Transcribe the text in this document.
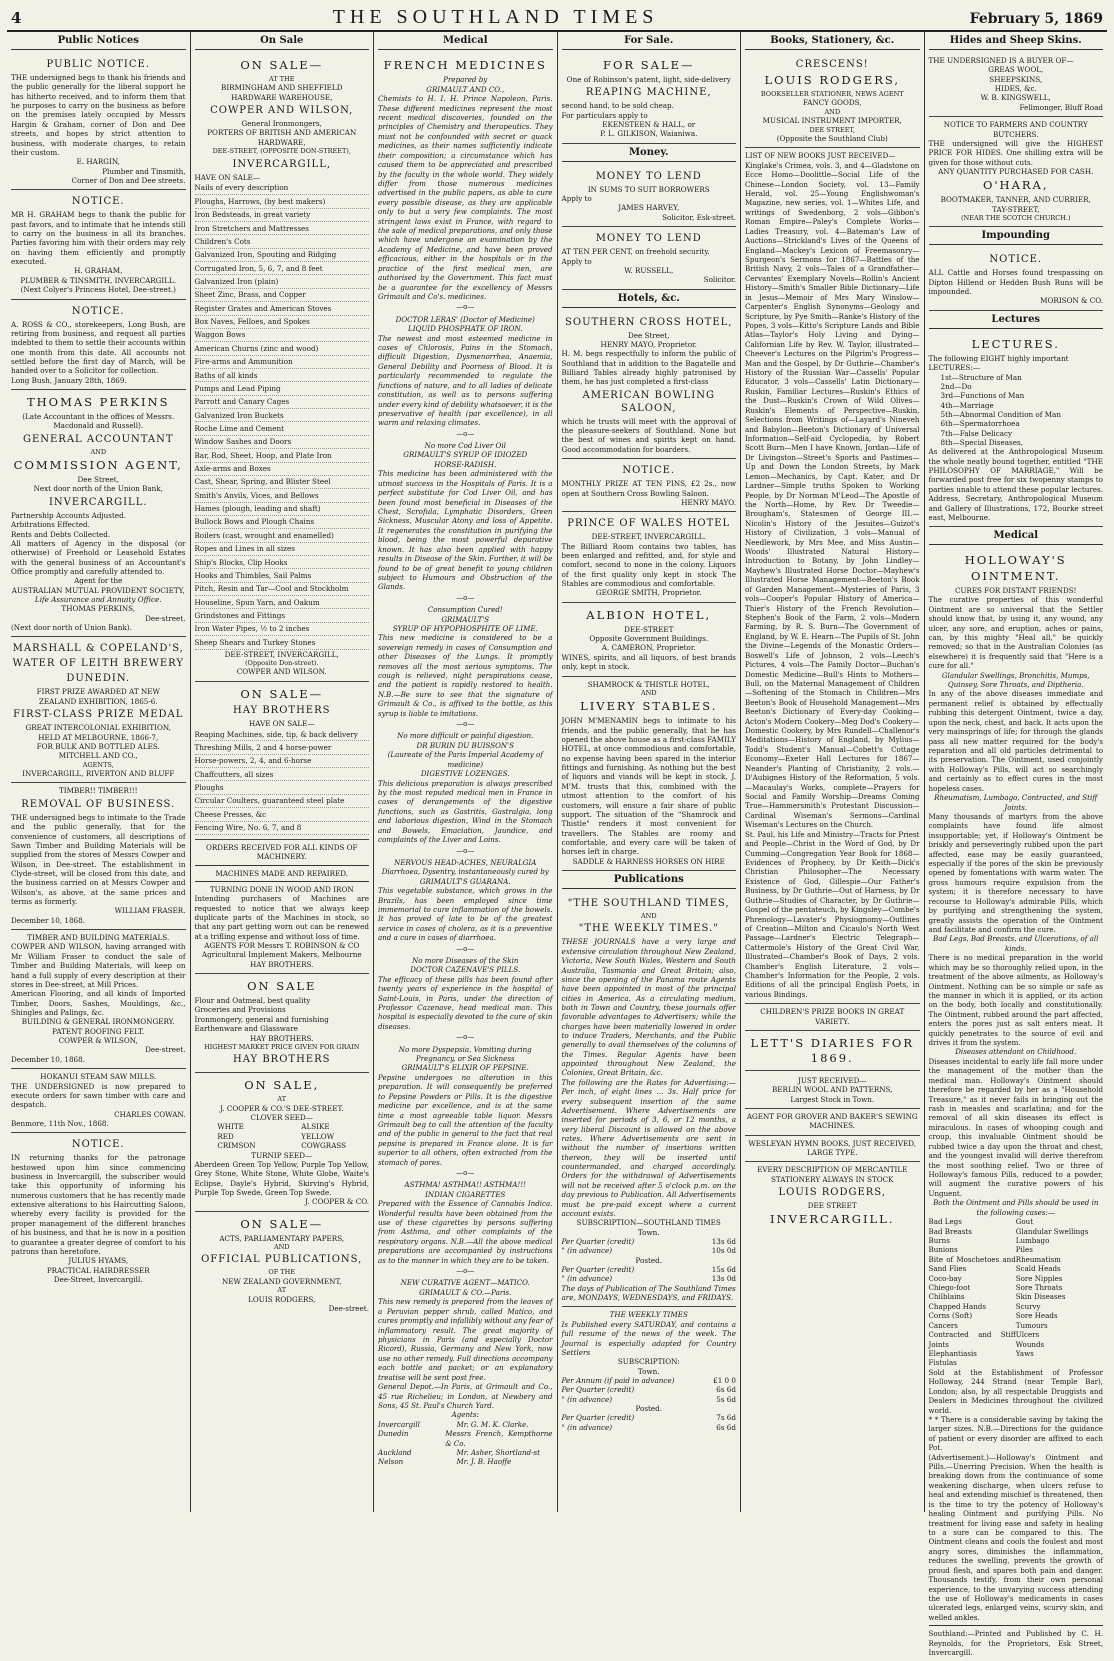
4	THE SOUTHLAND TIMES	February 5, 1869
Public Notices
PUBLIC NOTICE.
THE undersigned begs to thank his friends and the public generally for the liberal support he has hitherto received, and to inform them that he purposes to carry on the business as before on the premises lately occupied by Messrs Hargin & Graham, corner of Don and Dee streets, and hopes by strict attention to business, with moderate charges, to retain their custom.
E. HARGIN,
Plumber and Tinsmith,
Corner of Don and Dee streets.
NOTICE.
MR H. GRAHAM begs to thank the public for past favors, and to intimate that he intends still to carry on the business in all its branches. Parties favoring him with their orders may rely on having them efficiently and promptly executed.
H. GRAHAM,
PLUMBER & TINSMITH, INVERCARGILL.
(Next Colyer's Princess Hotel, Dee-street.)
NOTICE.
A. ROSS & CO., storekeepers, Long Bush, are retiring from business, and request all parties indebted to them to settle their accounts within one month from this date. All accounts not settled before the first day of March, will be handed over to a Solicitor for collection.
Long Bush, January 28th, 1869.
THOMAS PERKINS
(Late Accountant in the offices of Messrs. Macdonald and Russell).
GENERAL ACCOUNTANT
AND
COMMISSION AGENT,
Dee Street,
Next door north of the Union Bank,
INVERCARGILL.
Partnership Accounts Adjusted.
Arbitrations Effected.
Rents and Debts Collected.
All matters of Agency in the disposal (or otherwise) of Freehold or Leasehold Estates with the general business of an Accountant's Office promptly and carefully attended to.
Agent for the
AUSTRALIAN MUTUAL PROVIDENT SOCIETY,
Life Assurance and Annuity Office.
THOMAS PERKINS,
Dee-street.
(Next door north of Union Bank).
MARSHALL & COPELAND'S,
WATER OF LEITH BREWERY
DUNEDIN.
FIRST PRIZE AWARDED AT NEW
ZEALAND EXHIBITION, 1865-6.
FIRST-CLASS PRIZE MEDAL
GREAT INTERCOLONIAL EXHIBITION,
HELD AT MELBOURNE, 1866-7,
FOR BULK AND BOTTLED ALES.
MITCHELL AND CO.,
AGENTS,
INVERCARGILL, RIVERTON AND BLUFF
TIMBER!! TIMBER!!!
REMOVAL OF BUSINESS.
THE undersigned begs to intimate to the Trade and the public generally, that for the convenience of customers, all descriptions of Sawn Timber and Building Materials will be supplied from the stores of Messrs Cowper and Wilson, in Dee-street. The establishment in Clyde-street, will be closed from this date, and the business carried on at Messrs Cowper and Wilson's, as above, at the same prices and terms as formerly.
WILLIAM FRASER.
December 10, 1868.
TIMBER AND BUILDING MATERIALS.
COWPER AND WILSON, having arranged with Mr William Fraser to conduct the sale of Timber and Building Materials, will keep on hand a full supply of every description at their stores in Dee-street, at Mill Prices.
American Flooring, and all kinds of Imported Timber, Doors, Sashes, Mouldings, &c., Shingles and Palings, &c.
BUILDING & GENERAL IRONMONGERY.
PATENT ROOFING FELT.
COWPER & WILSON,
Dee-street.
December 10, 1868.
HOKANUI STEAM SAW MILLS.
THE UNDERSIGNED is now prepared to execute orders for sawn timber with care and despatch.
CHARLES COWAN.
Benmore, 11th Nov., 1868.
NOTICE.
IN returning thanks for the patronage bestowed upon him since commencing business in Invercargill, the subscriber would take this opportunity of informing his numerous customers that he has recently made extensive alterations to his Haircutting Saloon, whereby every facility is provided for the proper management of the different branches of his business, and that he is now in a position to guarantee a greater degree of comfort to his patrons than heretofore.
JULIUS HYAMS,
PRACTICAL HAIRDRESSER
Dee-Street, Invercargill.
On Sale
ON SALE—
AT THE
BIRMINGHAM AND SHEFFIELD
HARDWARE WAREHOUSE,
COWPER AND WILSON,
General Ironmongers,
PORTERS OF BRITISH AND AMERICAN
HARDWARE,
DEE-STREET, (OPPOSITE DON-STREET),
INVERCARGILL,
HAVE ON SALE—
Nails of every description
Ploughs, Harrows, (by best makers)
Iron Bedsteads, in great variety
Iron Stretchers and Mattresses
Children's Cots
Galvanized Iron, Spouting and Ridging
Corrugated Iron, 5, 6, 7, and 8 feet
Galvanized Iron (plain)
Sheet Zinc, Brass, and Copper
Register Grates and American Stoves
Box Naves, Felloes, and Spokes
Waggon Bows
American Churns (zinc and wood)
Fire-arms and Ammunition
Baths of all kinds
Pumps and Lead Piping
Parrott and Canary Cages
Galvanized Iron Buckets
Roche Lime and Cement
Window Sashes and Doors
Bar, Rod, Sheet, Hoop, and Plate Iron
Axle-arms and Boxes
Cast, Shear, Spring, and Blister Steel
Smith's Anvils, Vices, and Bellows
Hames (plough, leading and shaft)
Bullock Bows and Plough Chains
Boilers (cast, wrought and enamelled)
Ropes and Lines in all sizes
Ship's Blocks, Clip Hooks
Hooks and Thimbles, Sail Palms
Pitch, Resin and Tar—Cool and Stockholm
Houseline, Spun Yarn, and Oakum
Grindstones and Fittings
Iron Water Pipes, ½ to 2 inches
Sheep Shears and Turkey Stones
DEE-STREET, INVERCARGILL,
(Opposite Don-street).
COWPER AND WILSON.
ON SALE—
HAY BROTHERS
HAVE ON SALE—
Reaping Machines, side, tip, & back delivery
Threshing Mills, 2 and 4 horse-power
Horse-powers, 2, 4, and 6-horse
Chaffcutters, all sizes
Ploughs
Circular Coulters, guaranteed steel plate
Cheese Presses, &c
Fencing Wire, No. 6, 7, and 8
ORDERS RECEIVED FOR ALL KINDS OF MACHINERY.
MACHINES MADE AND REPAIRED.
TURNING DONE IN WOOD AND IRON
Intending purchasers of Machines are requested to notice that we always keep duplicate parts of the Machines in stock, so that any part getting worn out can be renewed at a trifling expense and without loss of time.
AGENTS FOR Messrs T. ROBINSON & CO
Agricultural Implement Makers, Melbourne
HAY BROTHERS.
ON SALE
Flour and Oatmeal, best quality
Groceries and Provisions
Ironmongery, general and furnishing
Earthenware and Glassware
HAY BROTHERS.
HIGHEST MARKET PRICE GIVEN FOR GRAIN
HAY BROTHERS
ON SALE,
AT
J. COOPER & CO.'S DEE-STREET.
CLOVER SEED—
WHITE
RED
CRIMSON
ALSIKE
YELLOW
COWGRASS
TURNIP SEED—
Aberdeen Green Top Yellow, Purple Top Yellow, Grey Stone, White Stone, White Globe, Waite's Eclipse, Dayle's Hybrid, Skirving's Hybrid, Purple Top Swede, Green Top Swede.
J. COOPER & CO.
ON SALE—
ACTS, PARLIAMENTARY PAPERS,
AND
OFFICIAL PUBLICATIONS,
OF THE
NEW ZEALAND GOVERNMENT,
AT
LOUIS RODGERS,
Dee-street.
Medical
FRENCH MEDICINES
Prepared by
GRIMAULT AND CO.,
Chemists to H. I. H. Prince Napoleon, Paris. These different medicines represent the most recent medical discoveries, founded on the principles of Chemistry and therapeutics. They must not be confounded with secret or quack medicines, as their names sufficiently indicate their composition; a circumstance which has caused them to be appreciated and prescribed by the faculty in the whole world. They widely differ from those numerous medicines advertised in the public papers, as able to cure every possible disease, as they are applicable only to but a very few complaints. The most stringent laws exist in France, with regard to the sale of medical preparations, and only those which have undergone an examination by the Academy of Medicine, and have been proved efficacious, either in the hospitals or in the practice of the first medical men, are authorised by the Government. This fact must be a guarantee for the excellency of Messrs Grimault and Co's. medicines.
—o—
DOCTOR LERAS' (Doctor of Medicine)
LIQUID PHOSPHATE OF IRON.
The newest and most esteemed medicine in cases of Chlorosis, Pains in the Stomach, difficult Digestion, Dysmenorrhea, Anaemia, General Debility and Poorness of Blood. It is particularly recommended to regulate the functions of nature, and to all ladies of delicate constitution, as well as to persons suffering under every kind of debility whatsoever, it is the preservative of health (par excellence), in all warm and relaxing climates.
—o—
No more Cod Liver Oil
GRIMAULT'S SYRUP OF IDIOZED
HORSE-RADISH.
This medicine has been administered with the utmost success in the Hospitals of Paris. It is a perfect substitute for Cod Liver Oil, and has been found most beneficial in Diseases of the Chest, Scrofula, Lymphatic Disorders, Green Sickness, Muscular Atony and loss of Appetite. It regenerates the constitution in purifying the blood, being the most powerful depurative known. It has also been applied with happy results in Disease of the Skin. Further, it will be found to be of great benefit to young children subject to Humours and Obstruction of the Glands.
—o—
Consumption Cured!
GRIMAULT'S
SYRUP OF HYPOPHOSPHITE OF LIME.
This new medicine is considered to be a sovereign remedy in cases of Consumption and other Diseases of the Lungs. It promptly removes all the most serious symptoms. The cough is relieved, night perspirations cease, and the patient is rapidly restored to health. N.B.—Be sure to see that the signature of Grimault & Co., is affixed to the bottle, as this syrup is liable to imitations.
—o—
No more difficult or painful digestion.
DR BURIN DU BUISSON'S
(Laureate of the Paris Imperial Academy of medicine)
DIGESTIVE LOZENGES.
This delicious preparation is always prescribed by the most reputed medical men in France in cases of derangements of the digestive functions, such as Gastritis, Gastralgia, long and laborious digestion, Wind in the Stomach and Bowels, Emaciation, Jaundice, and complaints of the Liver and Loins.
—o—
NERVOUS HEAD-ACHES, NEURALGIA
Diarrhoea, Dysentry, instantaneously cured by
GRIMAULT'S GUARANA.
This vegetable substance, which grows in the Brazils, has been employed since time immemorial to cure inflammation of the bowels. It has proved of late to be of the greatest service in cases of cholera, as it is a preventive and a cure in cases of diarrhoea.
—o—
No more Diseases of the Skin
DOCTOR CAZENAVE'S PILLS.
The efficacy of these pills has been found after twenty years of experience in the hospital of Saint-Louis, in Paris, under the direction of Professor Cazenave, head medical man. This hospital is especially devoted to the cure of skin diseases.
—o—
No more Dyspepsia, Vomiting during Pregnancy, or Sea Sickness
GRIMAULT'S ELIXIR OF PEPSINE.
Pepsine undergoes no alteration in this preparation. It will consequently be preferred to Pepsine Powders or Pills. It is the digestive medicine par excellence, and is at the same time a most agreeable table liquor. Messrs Grimault beg to call the attention of the faculty and of the public in general to the fact that real pepsine is prepared in France alone. It is far superior to all others, often extracted from the stomach of pores.
—o—
ASTHMA! ASTHMA!! ASTHMA!!!
INDIAN CIGARETTES
Prepared with the Essence of Cannabis Indica. Wonderful results have been obtained from the use of these cigarettes by persons suffering from Asthma, and other complaints of the respiratory organs. N.B.—All the above medical preparations are accompanied by instructions as to the manner in which they are to be taken.
—o—
NEW CURATIVE AGENT—MATICO.
GRIMAULT & CO.—Paris.
This new remedy is prepared from the leaves of a Peruvian pepper shrub, called Matico, and cures promptly and infallibly without any fear of inflammatory result. The great majority of physicians in Paris (and especially Doctor Ricord), Russia, Germany and New York, now use no other remedy. Full directions accompany each bottle and packet; or an explanatory treatise will be sent post free.
General Depot.—In Paris, at Grimault and Co., 45 rue Richelieu; in London, at Newbery and Sons, 45 St. Paul's Church Yard.
Agents:
Invercargill	Mr. G. M. K. Clarke.
Dunedin	Messrs French, Kempthorne & Co.
Auckland	Mr. Asher, Shortland-st
Nelson	Mr. J. B. Haoffe
For Sale.
FOR SALE—
One of Robinson's patent, light, side-delivery
REAPING MACHINE,
second hand, to be sold cheap.
For particulars apply to
EKENSTEEN & HALL, or
P. L. GILKISON, Waianiwa.
Money.
MONEY TO LEND
IN SUMS TO SUIT BORROWERS
Apply to
JAMES HARVEY,
Solicitor, Esk-street.
MONEY TO LEND
AT TEN PER CENT, on freehold security.
Apply to
W. RUSSELL,
Solicitor.
Hotels, &c.
SOUTHERN CROSS HOTEL,
Dee Street,
HENRY MAYO, Proprietor.
H. M. begs respectfully to inform the public of Southland that in addition to the Bagatelle and Billiard Tables already highly patronised by them, he has just completed a first-class
AMERICAN BOWLING SALOON,
which he trusts will meet with the approval of the pleasure-seekers of Southland. None but the best of wines and spirits kept on hand. Good accommodation for boarders.
NOTICE.
MONTHLY PRIZE AT TEN PINS, £2 2s., now open at Southern Cross Bowling Saloon.
HENRY MAYO.
PRINCE OF WALES HOTEL
DEE-STREET, INVERCARGILL.
The Billiard Room contains two tables, has been enlarged and refitted, and, for style and comfort, second to none in the colony. Liquors of the first quality only kept in stock The Stables are commodious and comfortable.
GEORGE SMITH, Proprietor.
ALBION HOTEL,
DEE-STREET
Opposite Government Buildings.
A. CAMERON, Proprietor.
WINES, spirits, and all liquors, of best brands only, kept in stock.
SHAMROCK & THISTLE HOTEL,
AND
LIVERY STABLES.
JOHN M'MENAMIN begs to intimate to his friends, and the public generally, that he has opened the above house as a first-class FAMILY HOTEL, at once commodious and comfortable, no expense having been spared in the interior fittings and furnishing. As nothing but the best of liquors and viands will be kept in stock, J. M'M. trusts that this, combined with the utmost attention to the comfort of his customers, will ensure a fair share of public support. The situation of the "Shamrock and Thistle" renders it most convenient for travellers. The Stables are roomy and comfortable, and every care will be taken of horses left in charge.
SADDLE & HARNESS HORSES ON HIRE
Publications
"THE SOUTHLAND TIMES,
AND
"THE WEEKLY TIMES."
THESE JOURNALS have a very large and extensive circulation throughout New Zealand, Victoria, New South Wales, Western and South Australia, Tasmania and Great Britain; also, since the opening of the Panama route Agents have been appointed in most of the principal cities in America. As a circulating medium, both in Town and Country, these journals offer favorable advantages to Advertisers; while the charges have been materially lowered in order to induce Traders, Merchants, and the Public generally to avail themselves of the columns of the Times. Regular Agents have been appointed throughout New Zealand, the Colonies, Great Britain, &c.
The following are the Rates for Advertising:—Per inch, of eight lines ... 3s. Half price for every subsequent insertion of the same Advertisement. Where Advertisements are inserted for periods of 3, 6, or 12 months, a very liberal Discount is allowed on the above rates. Where Advertisements are sent in without the number of insertions written thereon, they will be inserted until countermanded, and charged accordingly. Orders for the withdrawal of Advertisements will not be received after 5 o'clock p.m. on the day previous to Publication. All Advertisements must be pre-paid except where a current account exists.
SUBSCRIPTION—SOUTHLAND TIMES
Town.
Per Quarter (credit)	13s 6d
" (in advance)	10s 0d
Posted.
Per Quarter (credit)	15s 6d
" (in advance)	13s 0d
The days of Publication of The Southland Times are, MONDAYS, WEDNESDAYS, and FRIDAYS.
THE WEEKLY TIMES
Is Published every SATURDAY, and contains a full resume of the news of the week. The Journal is especially adapted for Country Settlers
SUBSCRIPTION:
Town.
Per Annum (if paid in advance)	£1 0 0
Per Quarter (credit)	6s 6d
" (in advance)	5s 6d
Posted.
Per Quarter (credit)	7s 6d
" (in advance)	6s 6d
Books, Stationery, &c.
CRESCENS!
LOUIS RODGERS,
BOOKSELLER STATIONER, NEWS AGENT
FANCY GOODS,
AND
MUSICAL INSTRUMENT IMPORTER,
DEE STREET,
(Opposite the Southland Club)
LIST OF NEW BOOKS JUST RECEIVED—
Kinglake's Crimea, vols. 3, and 4—Gladstone on Ecce Homo—Doolittle—Social Life of the Chinese—London Society, vol. 13—Family Herald, vol. 25—Young Englishwoman's Magazine, new series, vol. 1—Whites Life, and writings of Swedenborg, 2 vols—Gibbon's Roman Empire—Paley's Complete Works—Ladies Treasury, vol. 4—Bateman's Law of Auctions—Strickland's Lives of the Queens of England—Mackey's Lexicon of Freemasonry—Spurgeon's Sermons for 1867—Battles of the British Navy, 2 vols—Tales of a Grandfather—Cervantes' Exemplary Novels—Rollin's Ancient History—Smith's Smaller Bible Dictionary—Life in Jesus—Memoir of Mrs Mary Winslow—Carpenter's English Synonyms—Geology and Scripture, by Pye Smith—Ranke's History of the Popes, 3 vols—Kitto's Scripture Lands and Bible Atlas—Taylor's Holy Living and Dying—Californian Life by Rev. W. Taylor, illustrated—Cheever's Lectures on the Pilgrim's Progress—Man and the Gospel, by Dr Guthrie—Chamber's History of the Russian War—Cassells' Popular Educator, 3 vols—Cassells' Latin Dictionary—Ruskin, Familiar Lectures—Ruskin's Ethics of the Dust—Ruskin's Crown of Wild Olives—Ruskin's Elements of Perspective—Ruskin, Selections from Writings of—Layard's Nineveh and Babylon—Beeton's Dictionary of Universal Information—Self-aid Cyclopedia, by Robert Scott Burn—Men I have Known, Jordan—Life of Dr Livingston—Street's Sports and Pastimes—Up and Down the London Streets, by Mark Lemon—Mechanics, by Capt. Kater, and Dr Lardner—Simple truths Spoken to Working People, by Dr Norman M'Leod—The Apostle of the North—Home, by Rev. Dr Tweedie—Brougham's, Statesmen of George III.—Nicolin's History of the Jesuites—Guizot's History of Civilization, 3 vols—Manual of Needlework, by Mrs Mee, and Miss Austin—Woods' Illustrated Natural History—Introduction to Botany, by John Lindley—Mayhew's Illustrated Horse Doctor—Mayhew's Illustrated Horse Management—Beeton's Book of Garden Management—Mysteries of Paris, 3 vols—Cooper's Popular History of America—Thier's History of the French Revolution—Stephen's Book of the Farm, 2 vols—Modern Farming, by R. S. Burn—The Government of England, by W. E. Hearn—The Pupils of St. John the Divine—Legends of the Monastic Orders—Boswell's Life of Johnson, 2 vols—Leech's Pictures, 4 vols—The Family Doctor—Buchan's Domestic Medicine—Bull's Hints to Mothers—Bull, on the Maternal Management of Children—Softening of the Stomach in Children—Mrs Beeton's Book of Household Management—Mrs Beeton's Dictionary of Every-day Cooking—Acton's Modern Cookery—Meg Dod's Cookery—Domestic Cookery, by Mrs Rundell—Challenor's Meditations—History of England, by Mylius—Todd's Student's Manual—Cobett's Cottage Economy—Exeter Hall Lectures for 1867—Neander's Planting of Christianity, 2 vols.—D'Aubignes History of the Reformation, 5 vols.—Macaulay's Works, complete—Prayers for Social and Family Worship—Dreams Coming True—Hammersmith's Protestant Discussion—Cardinal Wiseman's Sermons—Cardinal Wiseman's Lectures on the Church.
St. Paul, his Life and Ministry—Tracts for Priest and People—Christ in the Word of God, by Dr Cumming—Congregation Year Book for 1868—Evidences of Prophecy, by Dr Keith—Dick's Christian Philosopher—The Necessary Existence of God, Gillespie—Our Father's Business, by Dr Guthrie—Out of Harness, by Dr Guthrie—Studies of Character, by Dr Guthrie—Gospel of the pentateuch, by Kingsley—Combe's Phrenology—Lavater's Physiognomy—Outlines of Creation—Milton and Cicaulo's North West Passage—Lardner's Electric Telegraph—Cattermole's History of the Great Civil War, Illustrated—Chamber's Book of Days, 2 vols. Chamber's English Literature, 2 vols—Chamber's Information for the People, 2 vols. Editions of all the principal English Poets, in various Bindings.
CHILDREN'S PRIZE BOOKS IN GREAT VARIETY.
LETT'S DIARIES FOR 1869.
JUST RECEIVED—
BERLIN WOOL AND PATTERNS,
Largest Stock in Town.
AGENT FOR GROVER AND BAKER'S SEWING MACHINES.
WESLEYAN HYMN BOOKS, JUST RECEIVED, LARGE TYPE.
EVERY DESCRIPTION OF MERCANTILE STATIONERY ALWAYS IN STOCK
LOUIS RODGERS,
DEE STREET
INVERCARGILL.
Hides and Sheep Skins.
THE UNDERSIGNED IS A BUYER OF—
GREAS WOOL,
SHEEPSKINS,
HIDES, &c.
W. B. KINGSWELL,
Fellmonger, Bluff Road
NOTICE TO FARMERS AND COUNTRY BUTCHERS.
THE undersigned will give the HIGHEST PRICE FOR HIDES. One shilling extra will be given for those without cuts.
ANY QUANTITY PURCHASED FOR CASH.
O'HARA,
BOOTMAKER, TANNER, AND CURRIER,
TAY-STREET,
(NEAR THE SCOTCH CHURCH.)
Impounding
NOTICE.
ALL Cattle and Horses found trespassing on Dipton Hillend or Hedden Bush Runs will be impounded.
MORISON & CO.
Lectures
LECTURES.
The following EIGHT highly important LECTURES:—
1st—Structure of Man
2nd—Do
3rd—Functions of Man
4th—Marriage
5th—Abnormal Condition of Man
6th—Spermatorrhoea
7th—False Delicacy
8th—Special Diseases,
As delivered at the Anthropological Museum the whole neatly bound together, entitled "THE PHILOSOPHY OF MARRIAGE," Will be forwarded post free for six twopenny stamps to parties unable to attend these popular lectures. Address, Secretary, Anthropological Museum and Gallery of Illustrations, 172, Bourke street east, Melbourne.
Medical
HOLLOWAY'S OINTMENT.
CURES FOR DISTANT FRIENDS!
The curative properties of this wonderful Ointment are so universal that the Settler should know that, by using it, any wound, any ulcer, any sore, and eruption, aches or pains, can, by this mighty "Heal all," be quickly removed; so that in the Australian Colonies (as elsewhere) it is frequently said that "Here is a cure for all."
Glandular Swellings, Bronchitis, Mumps, Quinsey, Sore Throats, and Diptheria.
In any of the above diseases immediate and permanent relief is obtained by effectually rubbing this detergent Ointment, twice a day, upon the neck, chest, and back. It acts upon the very mainsprings of life; for through the glands pass all new matter required for the body's reparation and all old particles detrimental to its preservation. The Ointment, used conjointly with Holloway's Pills, will act so searchingly and certainly as to effect cures in the most hopeless cases.
Rheumatism, Lumbago, Contracted, and Stiff Joints.
Many thousands of martyrs from the above complaints have found life almost insupportable; yet, if Holloway's Ointment be briskly and perseveringly rubbed upon the part affected, ease may be easily guaranteed, especially if the pores of the skin be previously opened by fomentations with warm water. The gross humours require expulsion from the system; it is therefore necessary to have recourse to Holloway's admirable Pills, which by purifying and strengthening the system, greatly assists the operation of the Ointment and facilitate and confirm the cure.
Bad Legs, Bad Breasts, and Ulcerations, of all kinds.
There is no medical preparation in the world which may be so thoroughly relied upon, in the treatment of the above ailments, as Holloway's Ointment. Nothing can be so simple or safe as the manner in which it is applied, or its action on the body, both locally and constitutionally. The Ointment, rubbed around the part affected, enters the pores just as salt enters meat. It quickly penetrates to the source of evil and drives it from the system.
Diseases attendant on Childhood.
Diseases incidental to early life fall more under the management of the mother than the medical man. Holloway's Ointment should therefore be regarded by her as a "Household Treasure," as it never fails in bringing out the rash in measles and scarlatina; and for the removal of all skin diseases its effect is miraculous. In cases of whooping cough and croup, this invaluable Ointment should be rubbed twice a day upon the throat and chest, and the youngest invalid will derive therefrom the most soothing relief. Two or three of Holloway's famous Pills, reduced to a powder, will augment the curative powers of his Unguent.
Both the Ointment and Pills should be used in the following cases:—
Bad Legs
Bad Breasts
Burns
Bunions
Bite of Moschetoes and Sand Flies
Coco-bay
Chiego-foot
Chilblains
Chapped Hands
Corns (Soft)
Cancers
Contracted and Stiff Joints
Elephantiasis
Fistulas
Gout
Glandular Swellings
Lumbago
Piles
Rheumatism
Scald Heads
Sore Nipples
Sore Throats
Skin Diseases
Scurvy
Sore Heads
Tumours
Ulcers
Wounds
Yaws
Sold at the Establishment of Professor Holloway, 244 Strand (near Temple Bar), London; also, by all respectable Druggists and Dealers in Medicines throughout the civilized world.
* * There is a considerable saving by taking the larger sizes. N.B.—Directions for the guidance of patient or every disorder are affixed to each Pot.
(Advertisement.)—Holloway's Ointment and Pills.—Unerring Precision. When the health is breaking down from the continuance of some weakening discharge, when ulcers refuse to heal and extending mischief is threatened, then is the time to try the potency of Holloway's healing Ointment and purifying Pills. No treatment for living ease and safety in healing to a sure can be compared to this. The Ointment cleans and cools the foulest and most angry sores, diminishes the inflammation, reduces the swelling, prevents the growth of proud flesh, and spares both pain and danger. Thousands testify, from their own personal experience, to the unvarying success attending the use of Holloway's medicaments in cases ulcerated legs, enlarged veins, scurvy skin, and welled ankles.
Southland:—Printed and Published by C. H. Reynolds, for the Proprietors, Esk Street, Invercargill.
